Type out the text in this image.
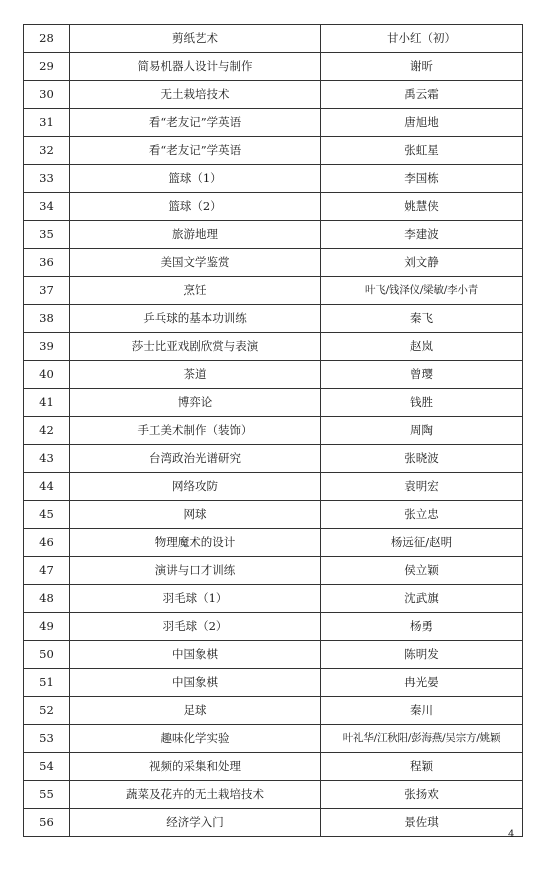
28	剪纸艺术	甘小红（初）
29	简易机器人设计与制作	谢昕
30	无土栽培技术	禹云霜
31	看“老友记”学英语	唐旭地
32	看“老友记”学英语	张虹星
33	篮球（1）	李国栋
34	篮球（2）	姚慧侠
35	旅游地理	李建波
36	美国文学鉴赏	刘文静
37	烹饪	叶飞/钱泽仪/梁敏/李小青
38	乒乓球的基本功训练	秦飞
39	莎士比亚戏剧欣赏与表演	赵岚
40	茶道	曾璎
41	博弈论	钱胜
42	手工美术制作（装饰）	周陶
43	台湾政治光谱研究	张晓波
44	网络攻防	袁明宏
45	网球	张立忠
46	物理魔术的设计	杨远征/赵明
47	演讲与口才训练	侯立颖
48	羽毛球（1）	沈武旗
49	羽毛球（2）	杨勇
50	中国象棋	陈明发
51	中国象棋	冉光晏
52	足球	秦川
53	趣味化学实验	叶礼华/江秋阳/彭海燕/吴宗方/姚颖
54	视频的采集和处理	程颖
55	蔬菜及花卉的无土栽培技术	张扬欢
56	经济学入门	景佐琪
4
